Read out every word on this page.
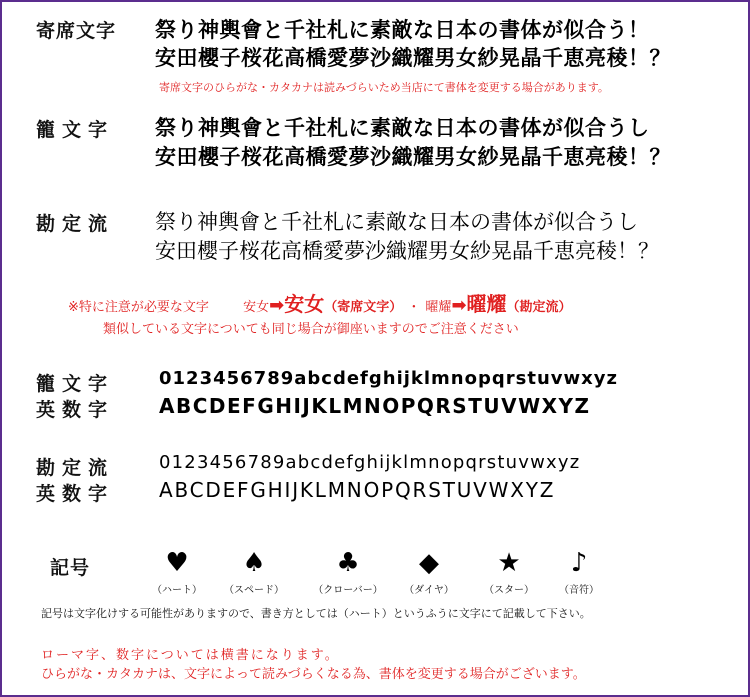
寄席文字 祭り神輿會と千社札に素敵な日本の書体が似合う！
安田櫻子桜花高橋愛夢沙織耀男女紗晃晶千恵亮稜！？
寄席文字のひらがな・カタカナは読みづらいため当店にて書体を変更する場合があります。
籠文字 祭り神輿會と千社札に素敵な日本の書体が似合うし
安田櫻子桜花高橋愛夢沙織耀男女紗晃晶千恵亮稜！？
勘定流 祭り神輿會と千社札に素敵な日本の書体が似合うし
安田櫻子桜花高橋愛夢沙織耀男女紗晃晶千恵亮稜！？
※特に注意が必要な文字	安女➡安女（寄席文字） ・ 曜耀➡曜耀（勘定流）
類似している文字についても同じ場合が御座いますのでご注意ください
籠文字
英数字
0123456789abcdefghijklmnopqrstuvwxyz
ABCDEFGHIJKLMNOPQRSTUVWXYZ
勘定流
英数字
0123456789abcdefghijklmnopqrstuvwxyz
ABCDEFGHIJKLMNOPQRSTUVWXYZ
記号	♥
（ハート）
♠
（スペード）
♣
（クローバー）
◆
（ダイヤ）
★
（スター）
♪
（音符）
記号は文字化けする可能性がありますので、書き方としては（ハート）というふうに文字にて記載して下さい。
ローマ字、数字については横書になります。
ひらがな・カタカナは、文字によって読みづらくなる為、書体を変更する場合がございます。
